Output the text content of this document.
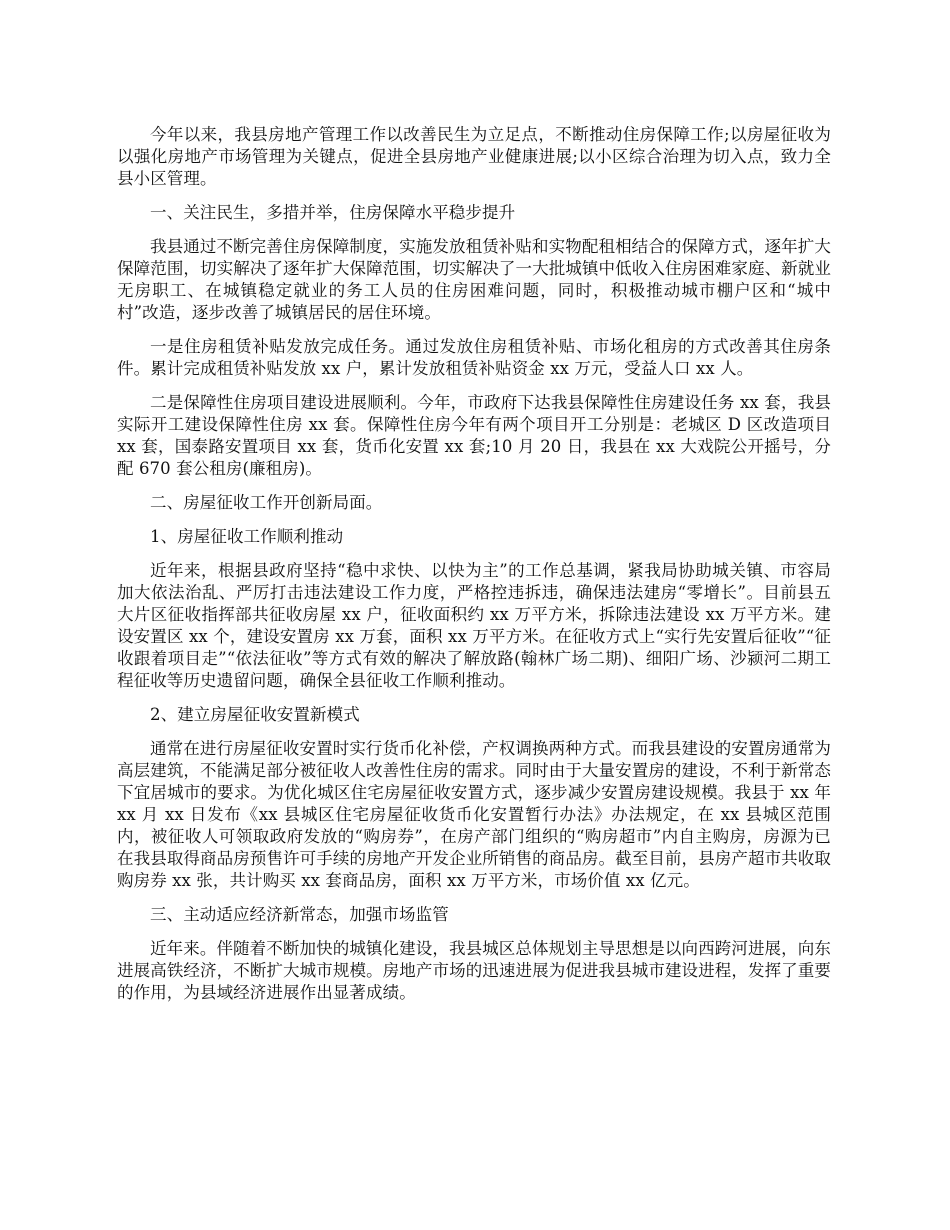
今年以来，我县房地产管理工作以改善民生为立足点，不断推动住房保障工作;以房屋征收为以强化房地产市场管理为关键点，促进全县房地产业健康进展;以小区综合治理为切入点，致力全县小区管理。

一、关注民生，多措并举，住房保障水平稳步提升

我县通过不断完善住房保障制度，实施发放租赁补贴和实物配租相结合的保障方式，逐年扩大保障范围，切实解决了逐年扩大保障范围，切实解决了一大批城镇中低收入住房困难家庭、新就业无房职工、在城镇稳定就业的务工人员的住房困难问题，同时，积极推动城市棚户区和“城中村”改造，逐步改善了城镇居民的居住环境。

一是住房租赁补贴发放完成任务。通过发放住房租赁补贴、市场化租房的方式改善其住房条件。累计完成租赁补贴发放 xx 户，累计发放租赁补贴资金 xx 万元，受益人口 xx 人。

二是保障性住房项目建设进展顺利。今年，市政府下达我县保障性住房建设任务 xx 套，我县实际开工建设保障性住房 xx 套。保障性住房今年有两个项目开工分别是：老城区 D 区改造项目 xx 套，国泰路安置项目 xx 套，货币化安置 xx 套;10 月 20 日，我县在 xx 大戏院公开摇号，分配 670 套公租房(廉租房)。

二、房屋征收工作开创新局面。

1、房屋征收工作顺利推动

近年来，根据县政府坚持“稳中求快、以快为主”的工作总基调，紧我局协助城关镇、市容局加大依法治乱、严厉打击违法建设工作力度，严格控违拆违，确保违法建房“零增长”。目前县五大片区征收指挥部共征收房屋 xx 户，征收面积约 xx 万平方米，拆除违法建设 xx 万平方米。建设安置区 xx 个，建设安置房 xx 万套，面积 xx 万平方米。在征收方式上“实行先安置后征收”“征收跟着项目走”“依法征收”等方式有效的解决了解放路(翰林广场二期)、细阳广场、沙颍河二期工程征收等历史遗留问题，确保全县征收工作顺利推动。

2、建立房屋征收安置新模式

通常在进行房屋征收安置时实行货币化补偿，产权调换两种方式。而我县建设的安置房通常为高层建筑，不能满足部分被征收人改善性住房的需求。同时由于大量安置房的建设，不利于新常态下宜居城市的要求。为优化城区住宅房屋征收安置方式，逐步减少安置房建设规模。我县于 xx 年 xx 月 xx 日发布《xx 县城区住宅房屋征收货币化安置暂行办法》办法规定，在 xx 县城区范围内，被征收人可领取政府发放的“购房券”，在房产部门组织的“购房超市”内自主购房，房源为已在我县取得商品房预售许可手续的房地产开发企业所销售的商品房。截至目前，县房产超市共收取购房券 xx 张，共计购买 xx 套商品房，面积 xx 万平方米，市场价值 xx 亿元。

三、主动适应经济新常态，加强市场监管

近年来。伴随着不断加快的城镇化建设，我县城区总体规划主导思想是以向西跨河进展，向东进展高铁经济，不断扩大城市规模。房地产市场的迅速进展为促进我县城市建设进程，发挥了重要的作用，为县域经济进展作出显著成绩。
